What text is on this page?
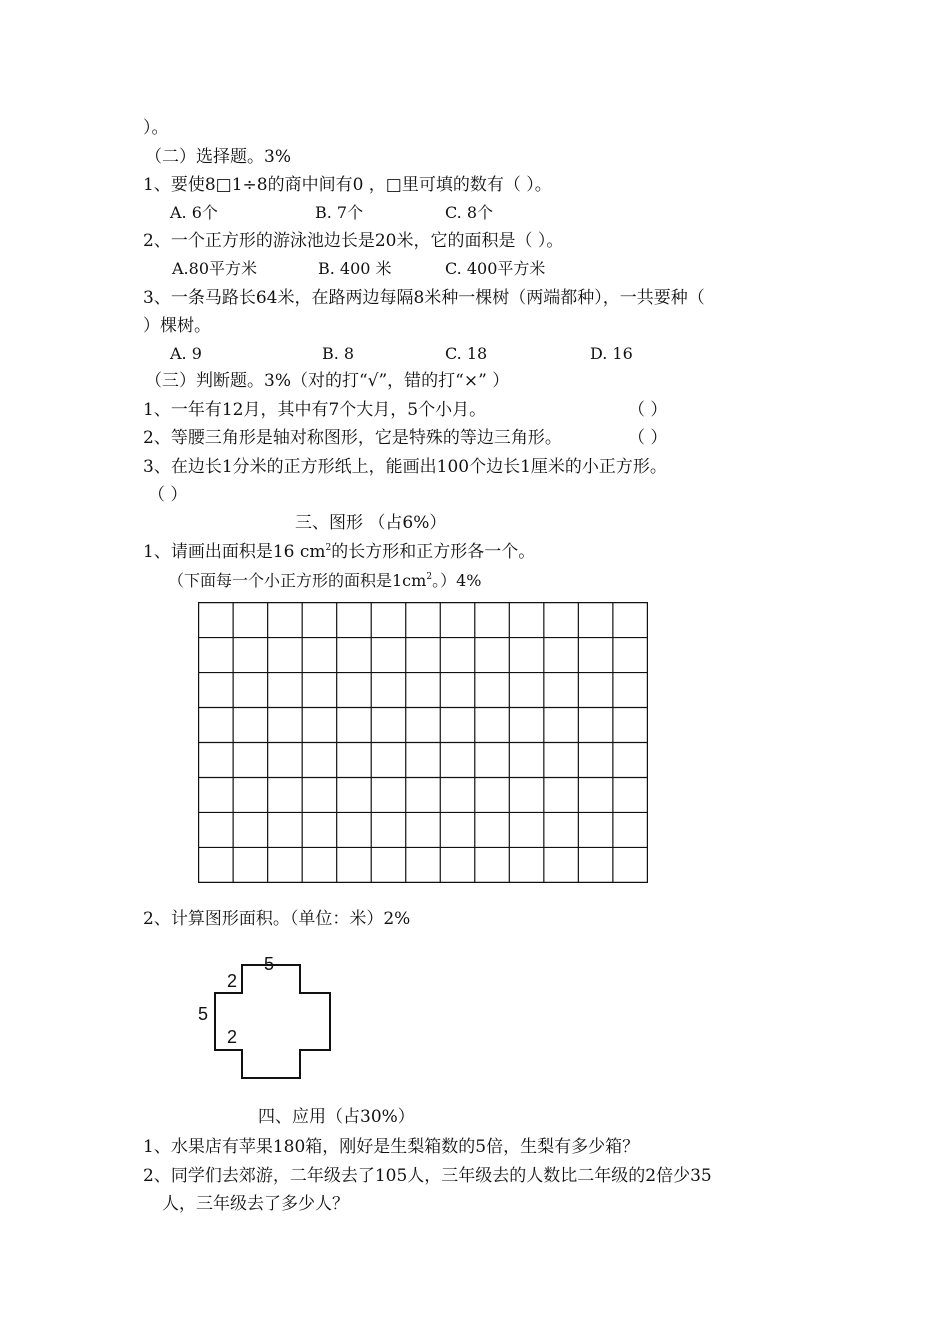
）。
（二）选择题。3%
1、要使8□1÷8的商中间有0 ，□里可填的数有（ ）。
A. 6个	B. 7个	C. 8个
2、一个正方形的游泳池边长是20米，它的面积是（ ）。
A.80平方米	B. 400 米	C. 400平方米
3、一条马路长64米，在路两边每隔8米种一棵树（两端都种），一共要种（
）棵树。
A. 9	B. 8	C. 18	D. 16
（三）判断题。3%（对的打“√”，错的打“×” ）
1、一年有12月，其中有7个大月，5个小月。	（ ）
2、等腰三角形是轴对称图形，它是特殊的等边三角形。	（ ）
3、在边长1分米的正方形纸上，能画出100个边长1厘米的小正方形。
（ ）
三、图形 （占6%）
1、请画出面积是16 $cm^2$的长方形和正方形各一个。
（下面每一个小正方形的面积是$1cm^2$。）4%
2、计算图形面积。（单位：米）2%
5
2
5
2
四、应用（占30%）
1、水果店有苹果180箱，刚好是生梨箱数的5倍，生梨有多少箱？
2、同学们去郊游，二年级去了105人，三年级去的人数比二年级的2倍少35
人，三年级去了多少人？
